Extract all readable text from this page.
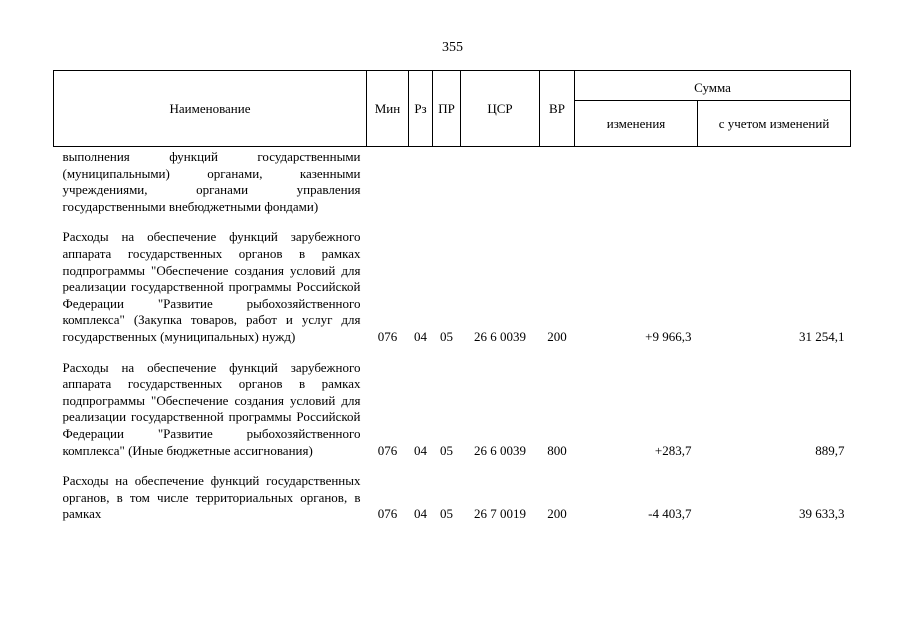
355
Наименование	Мин	Рз	ПР	ЦСР	ВР	Сумма	
						изменения	с учетом изменений
выполнения функций государственными (муниципальными) органами, казенными учреждениями, органами управления государственными внебюджетными фондами)							

Расходы на обеспечение функций зарубежного аппарата государственных органов в рамках подпрограммы "Обеспечение создания условий для реализации государственной программы Российской Федерации "Развитие рыбохозяйственного комплекса" (Закупка товаров, работ и услуг для государственных (муниципальных) нужд)	076	04	05	26 6 0039	200	+9 966,3	31 254,1

Расходы на обеспечение функций зарубежного аппарата государственных органов в рамках подпрограммы "Обеспечение создания условий для реализации государственной программы Российской Федерации "Развитие рыбохозяйственного комплекса" (Иные бюджетные ассигнования)	076	04	05	26 6 0039	800	+283,7	889,7

Расходы на обеспечение функций государственных органов, в том числе территориальных органов, в рамках	076	04	05	26 7 0019	200	-4 403,7	39 633,3
